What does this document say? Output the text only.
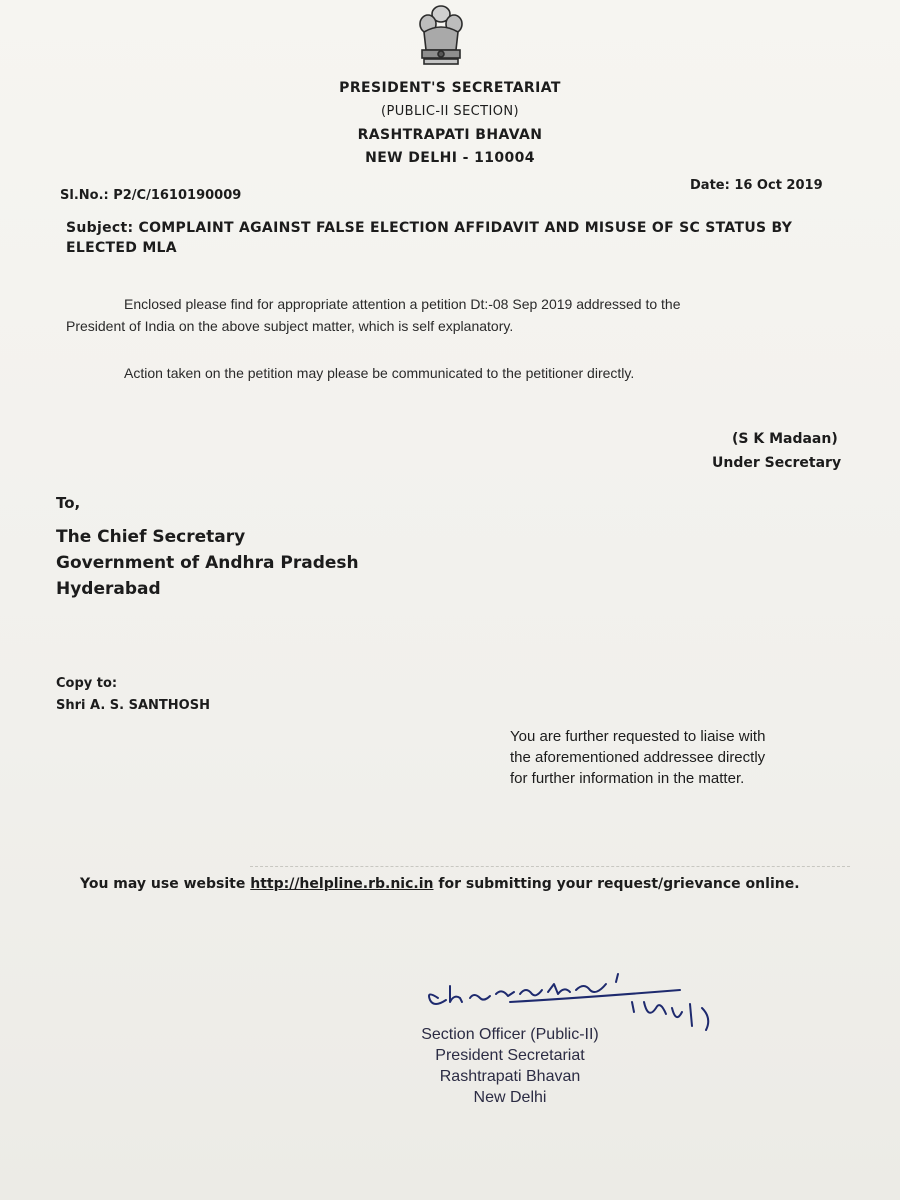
PRESIDENT'S SECRETARIAT
(PUBLIC-II SECTION)
RASHTRAPATI BHAVAN
NEW DELHI - 110004
Sl.No.: P2/C/1610190009
Date: 16 Oct 2019
Subject: COMPLAINT AGAINST FALSE ELECTION AFFIDAVIT AND MISUSE OF SC STATUS BY ELECTED MLA
Enclosed please find for appropriate attention a petition Dt:-08 Sep 2019 addressed to the
President of India on the above subject matter, which is self explanatory.
Action taken on the petition may please be communicated to the petitioner directly.
(S K Madaan)
Under Secretary
To,
The Chief Secretary
Government of Andhra Pradesh
Hyderabad
Copy to:
Shri A. S. SANTHOSH
You are further requested to liaise with
the aforementioned addressee directly
for further information in the matter.
You may use website http://helpline.rb.nic.in for submitting your request/grievance online.
Section Officer (Public-II)
President Secretariat
Rashtrapati Bhavan
New Delhi
